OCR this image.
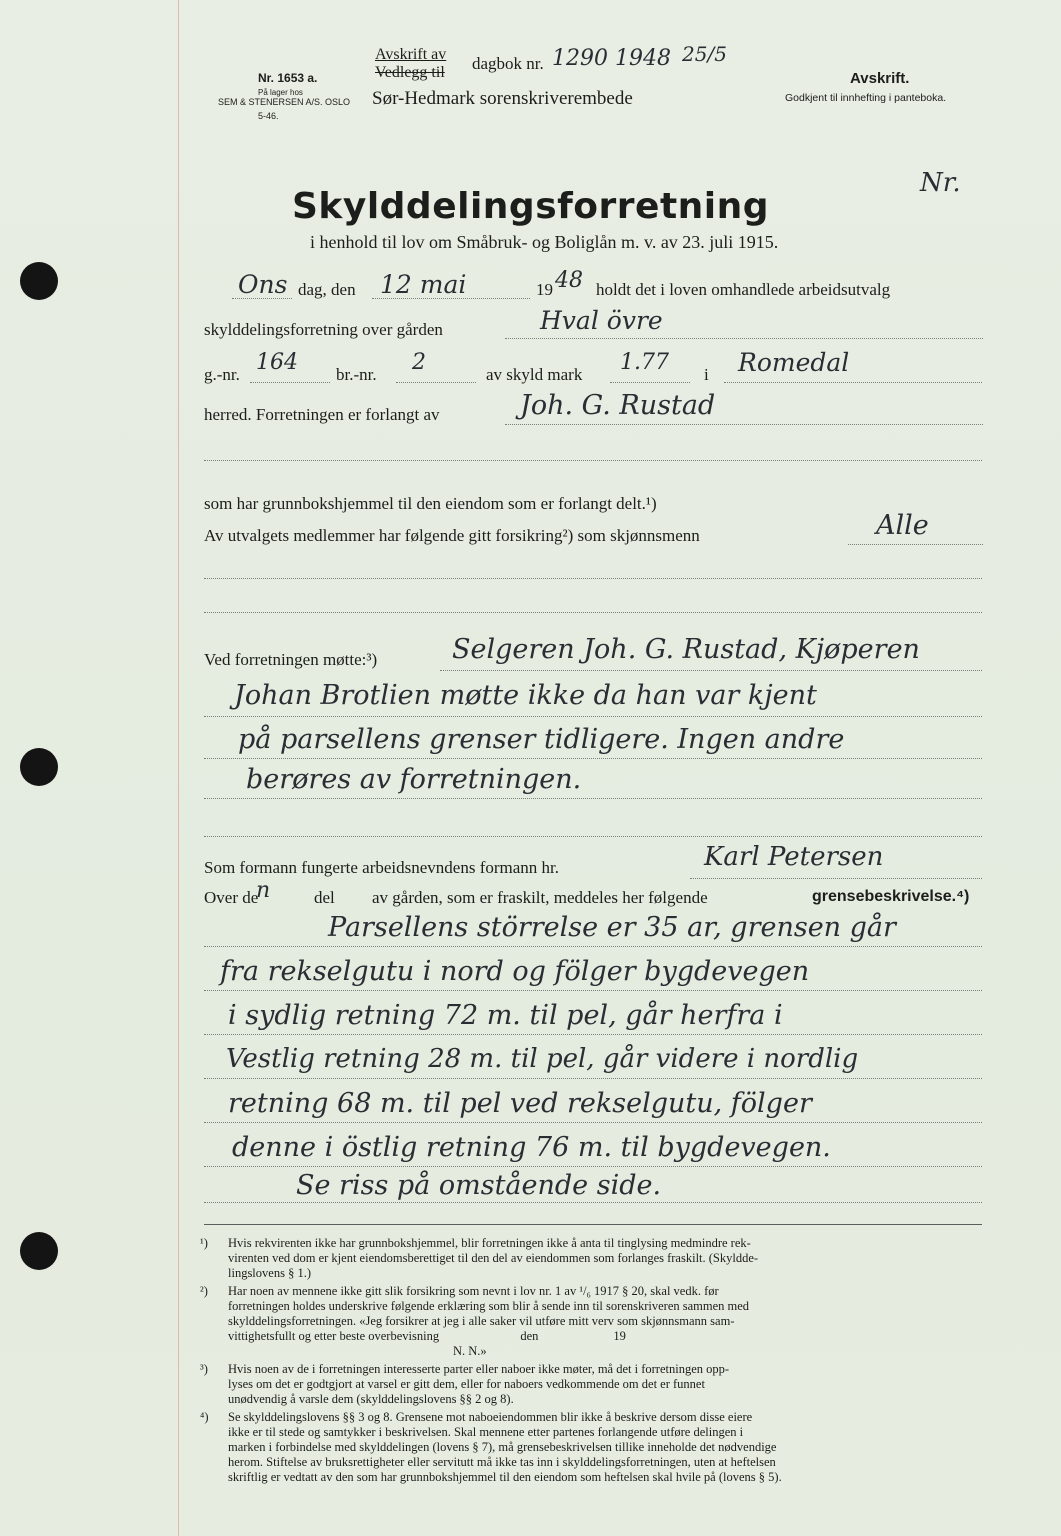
Nr. 1653 a.
På lager hos
SEM & STENERSEN A/S. OSLO
5-46.
Avskrift av
Vedlegg til dagbok nr. 1290 1948 25/5
Sør-Hedmark sorenskriverembede
Avskrift.
Godkjent til innhefting i panteboka.
Nr.
Skylddelingsforretning
i henhold til lov om Småbruk- og Boliglån m. v. av 23. juli 1915.
Ons dag, den 12 mai	19 48 holdt det i loven omhandlede arbeidsutvalg
skylddelingsforretning over gården	Hval övre
g.-nr. 164 br.-nr. 2	av skyld mark 1.77 i Romedal
herred. Forretningen er forlangt av	Joh. G. Rustad
som har grunnbokshjemmel til den eiendom som er forlangt delt.¹)
Av utvalgets medlemmer har følgende gitt forsikring²) som skjønnsmenn	Alle
Ved forretningen møtte:³)	Selgeren Joh. G. Rustad, Kjøperen
Johan Brotlien møtte ikke da han var kjent
på parsellens grenser tidligere. Ingen andre
berøres av forretningen.
Som formann fungerte arbeidsnevndens formann hr.	Karl Petersen
Over de
n	del av gården, som er fraskilt, meddeles her følgende	grensebeskrivelse.⁴)
Parsellens störrelse er 35 ar, grensen går
fra rekselgutu i nord og fölger bygdevegen
i sydlig retning 72 m. til pel, går herfra i
Vestlig retning 28 m. til pel, går videre i nordlig
retning 68 m. til pel ved rekselgutu, fölger
denne i östlig retning 76 m. til bygdevegen.
Se riss på omstående side.
¹)	Hvis rekvirenten ikke har grunnbokshjemmel, blir forretningen ikke å anta til tinglysing medmindre rek-
virenten ved dom er kjent eiendomsberettiget til den del av eiendommen som forlanges fraskilt. (Skyldde-
lingslovens § 1.)
²)	Har noen av mennene ikke gitt slik forsikring som nevnt i lov nr. 1 av ¹/₆ 1917 § 20, skal vedk. før
forretningen holdes underskrive følgende erklæring som blir å sende inn til sorenskriveren sammen med
skylddelingsforretningen. «Jeg forsikrer at jeg i alle saker vil utføre mitt verv som skjønnsmann sam-
vittighetsfullt og etter beste overbevisning                          den                        19
N. N.»
³)	Hvis noen av de i forretningen interesserte parter eller naboer ikke møter, må det i forretningen opp-
lyses om det er godtgjort at varsel er gitt dem, eller for naboers vedkommende om det er funnet
unødvendig å varsle dem (skylddelingslovens §§ 2 og 8).
⁴)	Se skylddelingslovens §§ 3 og 8. Grensene mot naboeiendommen blir ikke å beskrive dersom disse eiere
ikke er til stede og samtykker i beskrivelsen. Skal mennene etter partenes forlangende utføre delingen i
marken i forbindelse med skylddelingen (lovens § 7), må grensebeskrivelsen tillike inneholde det nødvendige
herom. Stiftelse av bruksrettigheter eller servitutt må ikke tas inn i skylddelingsforretningen, uten at heftelsen
skriftlig er vedtatt av den som har grunnbokshjemmel til den eiendom som heftelsen skal hvile på (lovens § 5).
